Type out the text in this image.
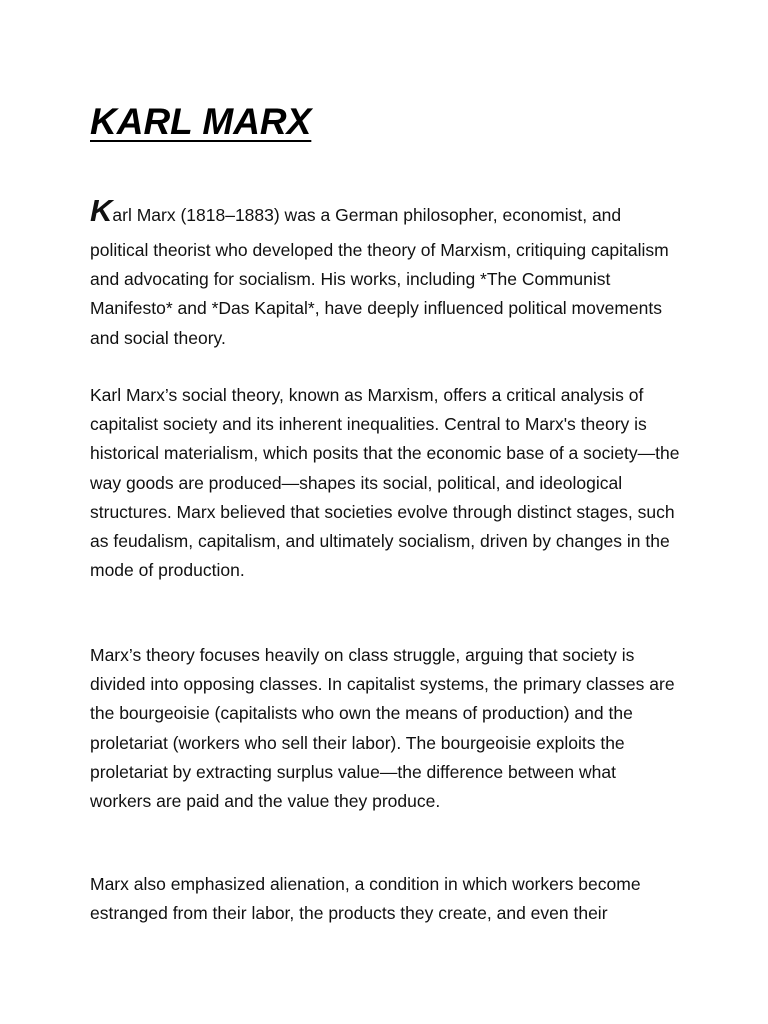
KARL MARX

Karl Marx (1818–1883) was a German philosopher, economist, and
political theorist who developed the theory of Marxism, critiquing capitalism and advocating for socialism. His works, including *The Communist Manifesto* and *Das Kapital*, have deeply influenced political movements and social theory.

Karl Marx’s social theory, known as Marxism, offers a critical analysis of capitalist society and its inherent inequalities. Central to Marx's theory is historical materialism, which posits that the economic base of a society—the way goods are produced—shapes its social, political, and ideological structures. Marx believed that societies evolve through distinct stages, such as feudalism, capitalism, and ultimately socialism, driven by changes in the mode of production.

Marx’s theory focuses heavily on class struggle, arguing that society is divided into opposing classes. In capitalist systems, the primary classes are the bourgeoisie (capitalists who own the means of production) and the proletariat (workers who sell their labor). The bourgeoisie exploits the proletariat by extracting surplus value—the difference between what workers are paid and the value they produce.

Marx also emphasized alienation, a condition in which workers become estranged from their labor, the products they create, and even their
